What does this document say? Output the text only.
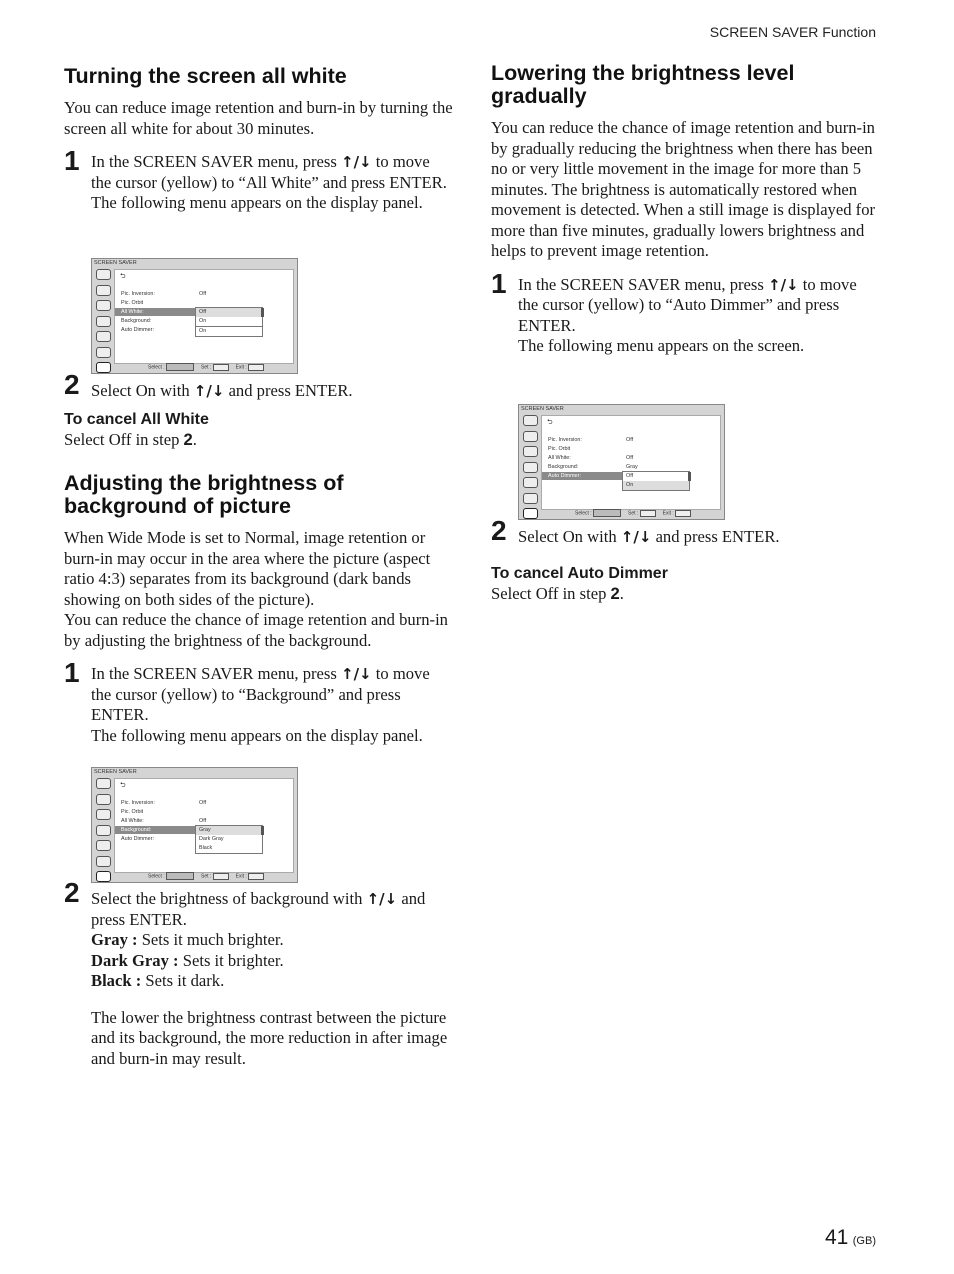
SCREEN SAVER Function
Turning the screen all white

You can reduce image retention and burn-in by turning the screen all white for about 30 minutes.

1 In the SCREEN SAVER menu, press ↑/↓ to move the cursor (yellow) to “All White” and press ENTER.

The following menu appears on the display panel.

SCREEN SAVER
⮌
Pic. Inversion:	Off
Pic. Orbit
All White:
Background:
Auto Dimmer:
Off
On
On
Select :	Set :	Exit :
2 Select On with ↑/↓ and press ENTER.

To cancel All White

Select Off in step 2.

Adjusting the brightness of background of picture

When Wide Mode is set to Normal, image retention or burn-in may occur in the area where the picture (aspect ratio 4:3) separates from its background (dark bands showing on both sides of the picture).

You can reduce the chance of image retention and burn-in by adjusting the brightness of the background.

1 In the SCREEN SAVER menu, press ↑/↓ to move the cursor (yellow) to “Background” and press ENTER.

The following menu appears on the display panel.

SCREEN SAVER
⮌
Pic. Inversion:	Off
Pic. Orbit
All White:	Off
Background:
Auto Dimmer:
Gray
Dark Gray
Black
Select :	Set :	Exit :
2 Select the brightness of background with ↑/↓ and press ENTER.

Gray : Sets it much brighter.

Dark Gray : Sets it brighter.

Black : Sets it dark.

The lower the brightness contrast between the picture and its background, the more reduction in after image and burn-in may result.

Lowering the brightness level gradually

You can reduce the chance of image retention and burn-in by gradually reducing the brightness when there has been no or very little movement in the image for more than 5 minutes. The brightness is automatically restored when movement is detected. When a still image is displayed for more than five minutes, gradually lowers brightness and helps to prevent image retention.

1 In the SCREEN SAVER menu, press ↑/↓ to move the cursor (yellow) to “Auto Dimmer” and press ENTER.

The following menu appears on the screen.

SCREEN SAVER
⮌
Pic. Inversion:	Off
Pic. Orbit
All White:	Off
Background:	Gray
Auto Dimmer:	Off
On
Select :	Set :	Exit :
2 Select On with ↑/↓ and press ENTER.

To cancel Auto Dimmer

Select Off in step 2.

41 (GB)
